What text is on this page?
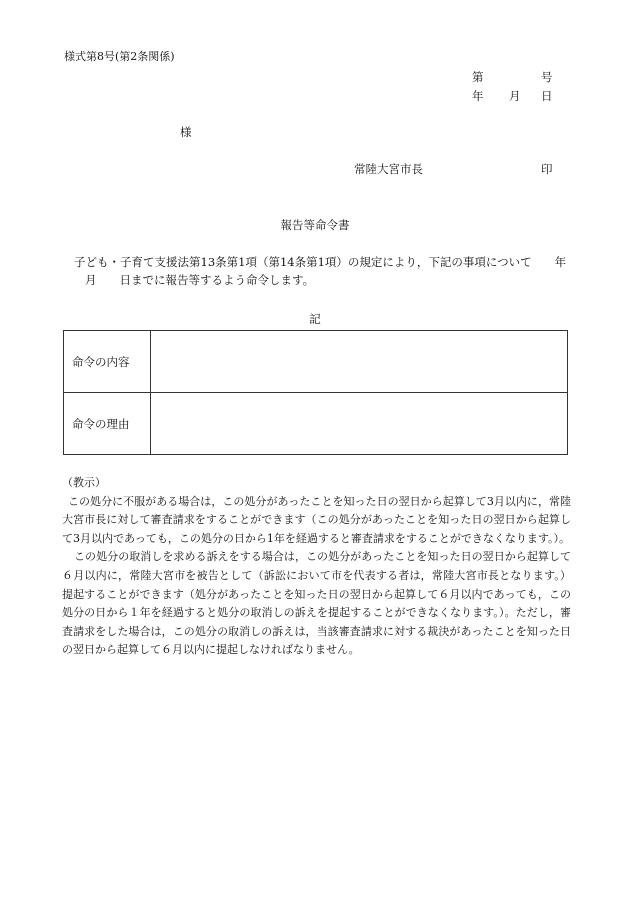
様式第8号(第2条関係)
第	号
年 月 日
様
常陸大宮市長	印
報告等命令書
子ども・子育て支援法第13条第1項（第14条第1項）の規定により，下記の事項について　　年
月　　日までに報告等するよう命令します。
記
命令の内容	
命令の理由	

（教示）

この処分に不服がある場合は，この処分があったことを知った日の翌日から起算して3月以内に，常陸大宮市長に対して審査請求をすることができます（この処分があったことを知った日の翌日から起算して3月以内であっても，この処分の日から1年を経過すると審査請求をすることができなくなります。）。

この処分の取消しを求める訴えをする場合は，この処分があったことを知った日の翌日から起算して６月以内に，常陸大宮市を被告として（訴訟において市を代表する者は，常陸大宮市長となります。）提起することができます（処分があったことを知った日の翌日から起算して６月以内であっても，この処分の日から１年を経過すると処分の取消しの訴えを提起することができなくなります。）。ただし，審査請求をした場合は，この処分の取消しの訴えは，当該審査請求に対する裁決があったことを知った日の翌日から起算して６月以内に提起しなければなりません。
